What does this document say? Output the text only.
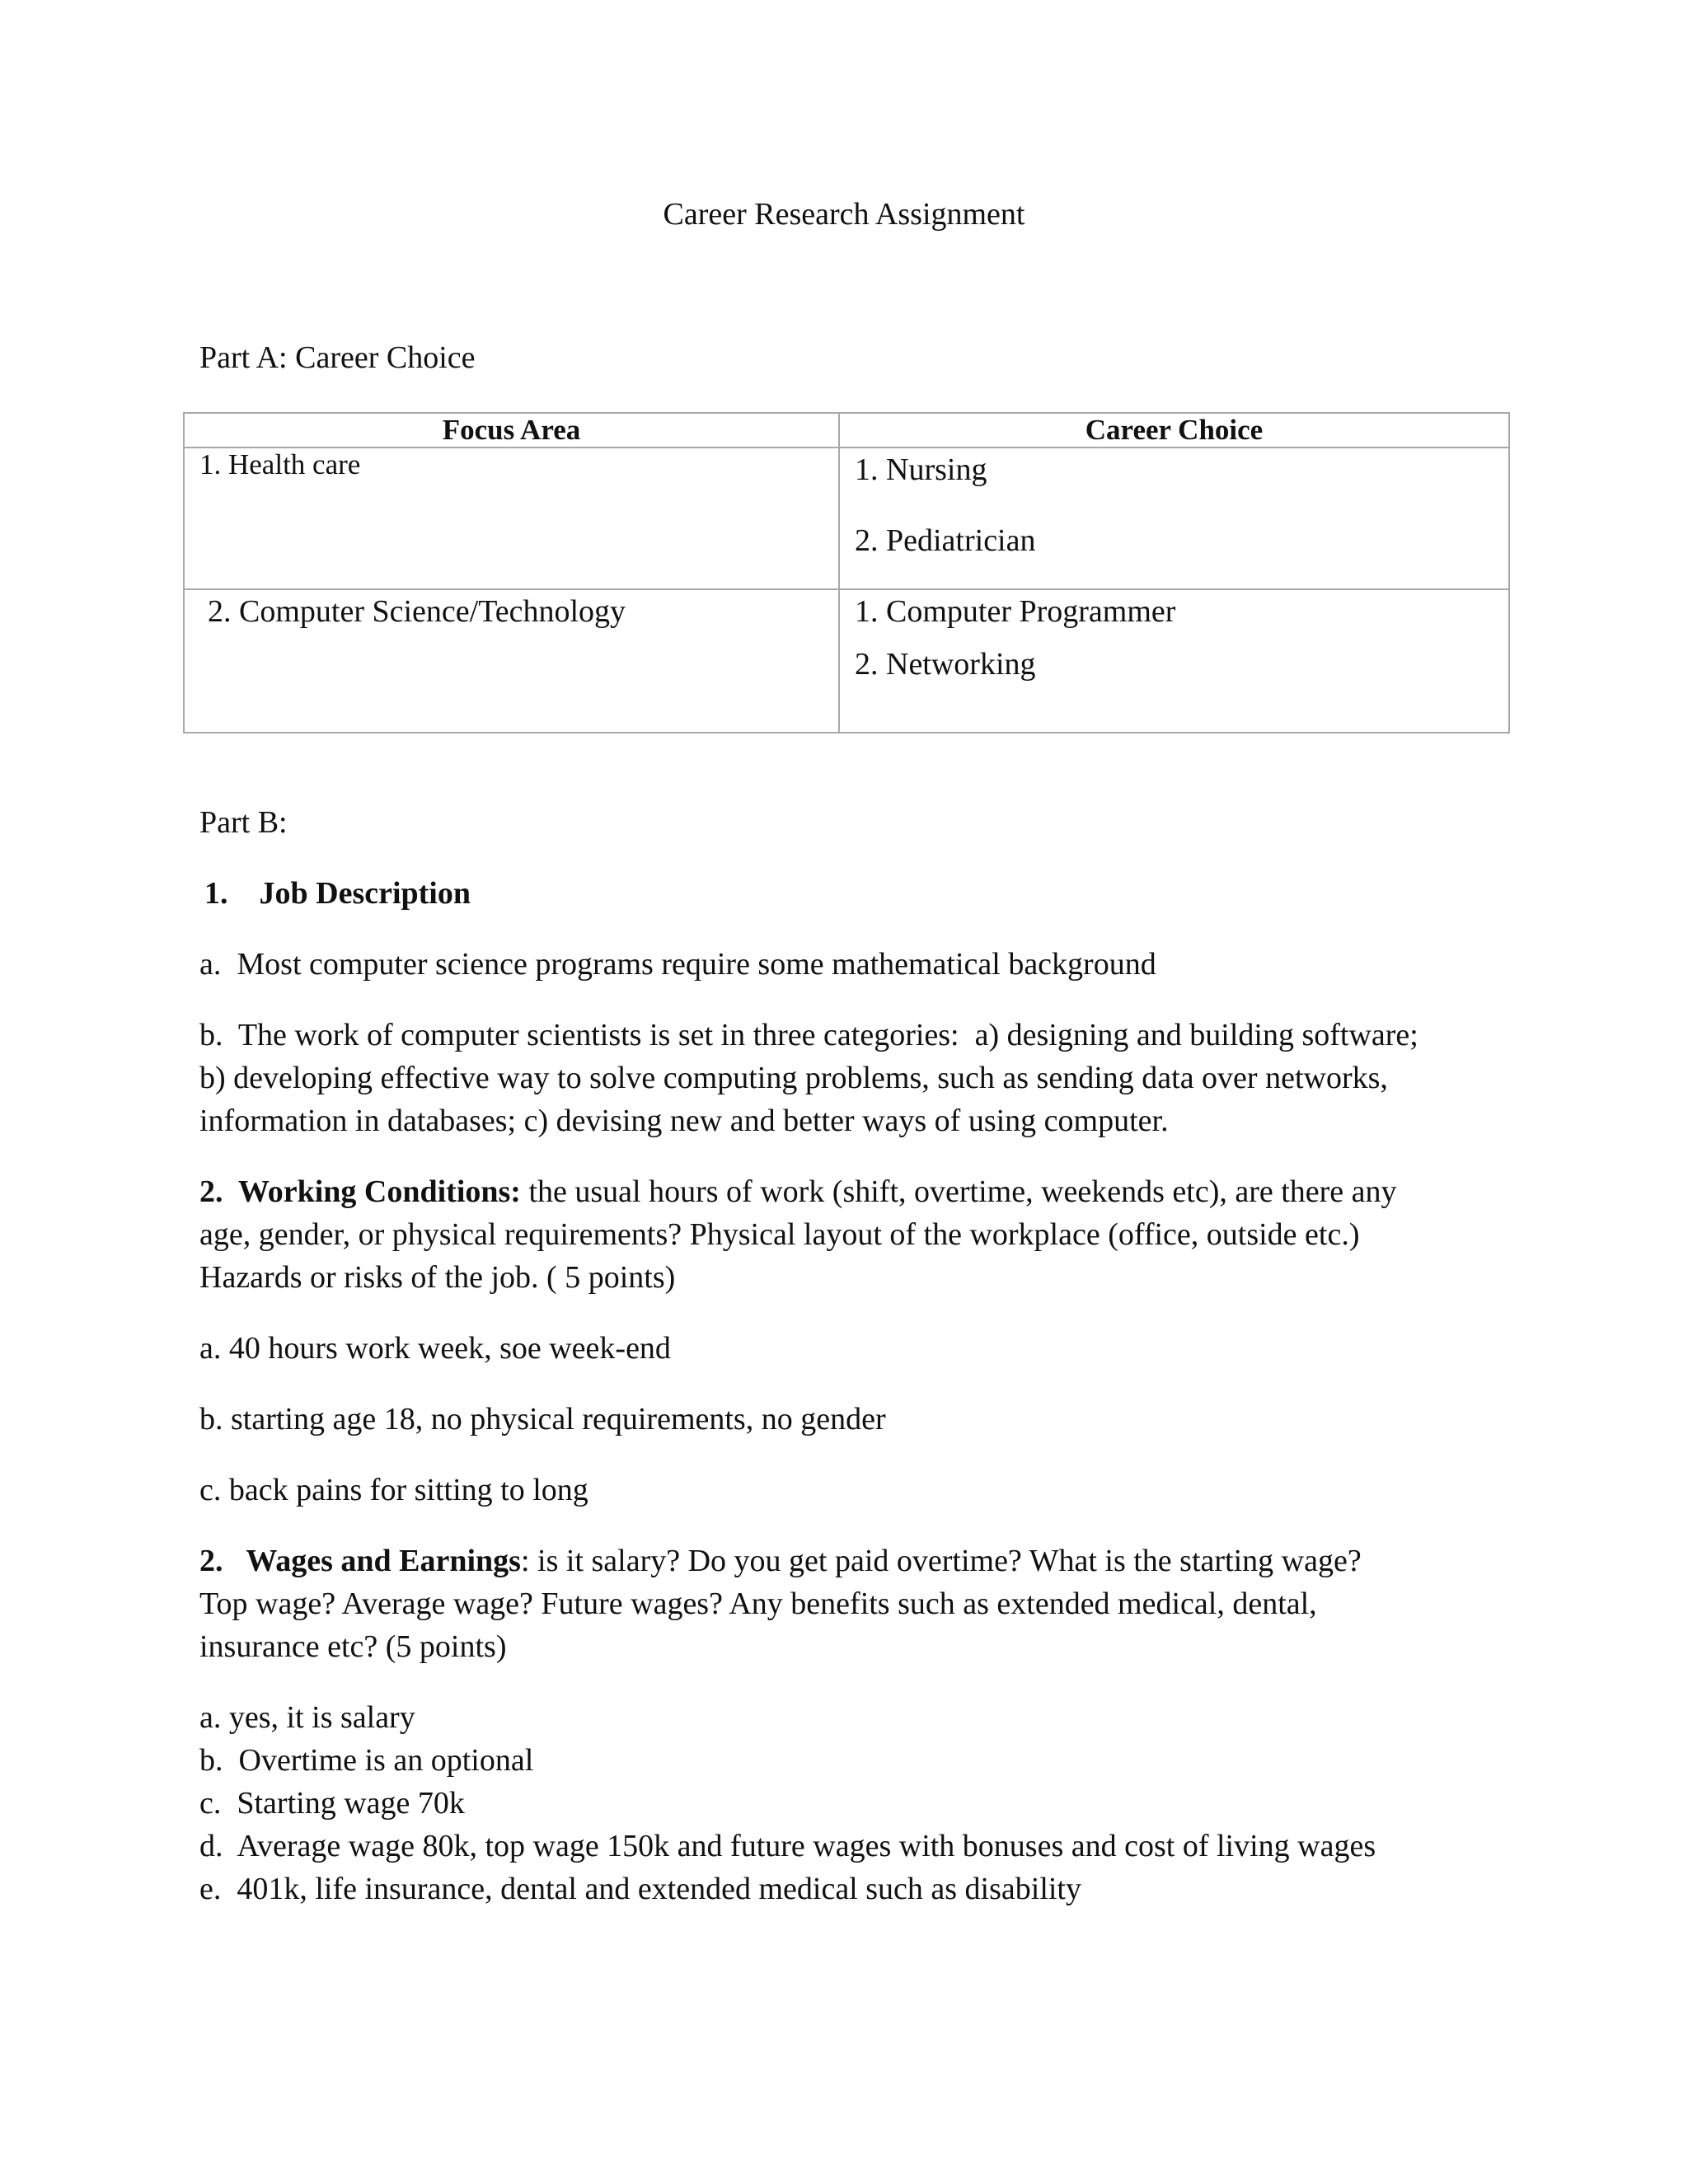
Career Research Assignment
Part A: Career Choice
Focus Area	Career Choice

1. Health care	1. Nursing
2. Pediatrician

2. Computer Science/Technology	1. Computer Programmer
2. Networking
Part B:
1.    Job Description
a.  Most computer science programs require some mathematical background
b.  The work of computer scientists is set in three categories:  a) designing and building software;
b) developing effective way to solve computing problems, such as sending data over networks,
information in databases; c) devising new and better ways of using computer.
2.  Working Conditions: the usual hours of work (shift, overtime, weekends etc), are there any
age, gender, or physical requirements? Physical layout of the workplace (office, outside etc.)
Hazards or risks of the job. ( 5 points)
a. 40 hours work week, soe week-end
b. starting age 18, no physical requirements, no gender
c. back pains for sitting to long
2.   Wages and Earnings: is it salary? Do you get paid overtime? What is the starting wage?
Top wage? Average wage? Future wages? Any benefits such as extended medical, dental,
insurance etc? (5 points)
a. yes, it is salary
b.  Overtime is an optional
c.  Starting wage 70k
d.  Average wage 80k, top wage 150k and future wages with bonuses and cost of living wages
e.  401k, life insurance, dental and extended medical such as disability
